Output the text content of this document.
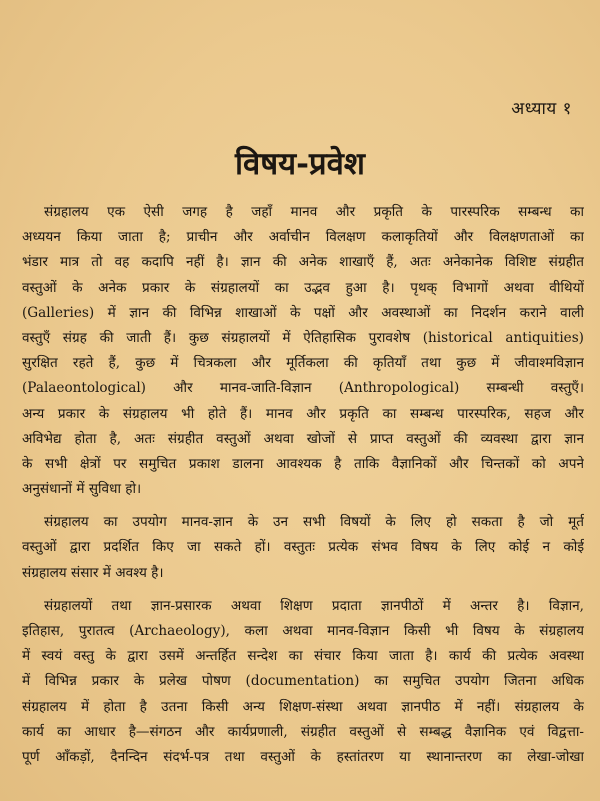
अध्याय १
विषय-प्रवेश
संग्रहालय एक ऐसी जगह है जहाँ मानव और प्रकृति के पारस्परिक सम्बन्ध का
अध्ययन किया जाता है; प्राचीन और अर्वाचीन विलक्षण कलाकृतियों और विलक्षणताओं का
भंडार मात्र तो वह कदापि नहीं है। ज्ञान की अनेक शाखाएँ हैं, अतः अनेकानेक विशिष्ट संग्रहीत
वस्तुओं के अनेक प्रकार के संग्रहालयों का उद्भव हुआ है। पृथक् विभागों अथवा वीथियों
(Galleries) में ज्ञान की विभिन्न शाखाओं के पक्षों और अवस्थाओं का निदर्शन कराने वाली
वस्तुएँ संग्रह की जाती हैं। कुछ संग्रहालयों में ऐतिहासिक पुरावशेष (historical antiquities)
सुरक्षित रहते हैं, कुछ में चित्रकला और मूर्तिकला की कृतियाँ तथा कुछ में जीवाश्मविज्ञान
(Palaeontological) और मानव-जाति-विज्ञान (Anthropological) सम्बन्धी वस्तुएँ।
अन्य प्रकार के संग्रहालय भी होते हैं। मानव और प्रकृति का सम्बन्ध पारस्परिक, सहज और
अविभेद्य होता है, अतः संग्रहीत वस्तुओं अथवा खोजों से प्राप्त वस्तुओं की व्यवस्था द्वारा ज्ञान
के सभी क्षेत्रों पर समुचित प्रकाश डालना आवश्यक है ताकि वैज्ञानिकों और चिन्तकों को अपने
अनुसंधानों में सुविधा हो।
संग्रहालय का उपयोग मानव-ज्ञान के उन सभी विषयों के लिए हो सकता है जो मूर्त
वस्तुओं द्वारा प्रदर्शित किए जा सकते हों। वस्तुतः प्रत्येक संभव विषय के लिए कोई न कोई
संग्रहालय संसार में अवश्य है।
संग्रहालयों तथा ज्ञान-प्रसारक अथवा शिक्षण प्रदाता ज्ञानपीठों में अन्तर है। विज्ञान,
इतिहास, पुरातत्व (Archaeology), कला अथवा मानव-विज्ञान किसी भी विषय के संग्रहालय
में स्वयं वस्तु के द्वारा उसमें अन्तर्हित सन्देश का संचार किया जाता है। कार्य की प्रत्येक अवस्था
में विभिन्न प्रकार के प्रलेख पोषण (documentation) का समुचित उपयोग जितना अधिक
संग्रहालय में होता है उतना किसी अन्य शिक्षण-संस्था अथवा ज्ञानपीठ में नहीं। संग्रहालय के
कार्य का आधार है—संगठन और कार्यप्रणाली, संग्रहीत वस्तुओं से सम्बद्ध वैज्ञानिक एवं विद्वत्ता-
पूर्ण आँकड़ों, दैनन्दिन संदर्भ-पत्र तथा वस्तुओं के हस्तांतरण या स्थानान्तरण का लेखा-जोखा
